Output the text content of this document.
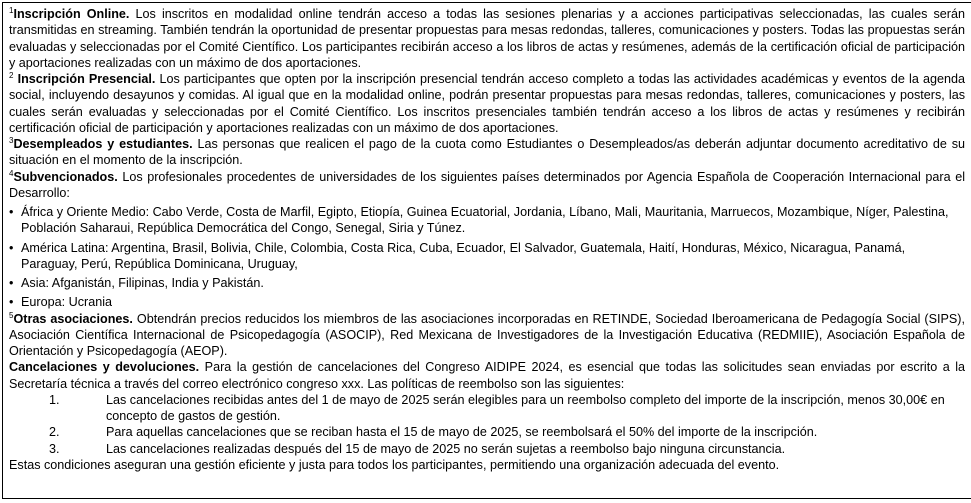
$^1$Inscripción Online. Los inscritos en modalidad online tendrán acceso a todas las sesiones plenarias y a acciones participativas seleccionadas, las cuales serán transmitidas en streaming. También tendrán la oportunidad de presentar propuestas para mesas redondas, talleres, comunicaciones y posters. Todas las propuestas serán evaluadas y seleccionadas por el Comité Científico. Los participantes recibirán acceso a los libros de actas y resúmenes, además de la certificación oficial de participación y aportaciones realizadas con un máximo de dos aportaciones.

$^2$ Inscripción Presencial. Los participantes que opten por la inscripción presencial tendrán acceso completo a todas las actividades académicas y eventos de la agenda social, incluyendo desayunos y comidas. Al igual que en la modalidad online, podrán presentar propuestas para mesas redondas, talleres, comunicaciones y posters, las cuales serán evaluadas y seleccionadas por el Comité Científico. Los inscritos presenciales también tendrán acceso a los libros de actas y resúmenes y recibirán certificación oficial de participación y aportaciones realizadas con un máximo de dos aportaciones.

$^3$Desempleados y estudiantes. Las personas que realicen el pago de la cuota como Estudiantes o Desempleados/as deberán adjuntar documento acreditativo de su situación en el momento de la inscripción.

$^4$Subvencionados. Los profesionales procedentes de universidades de los siguientes países determinados por Agencia Española de Cooperación Internacional para el Desarrollo:

• África y Oriente Medio: Cabo Verde, Costa de Marfil, Egipto, Etiopía, Guinea Ecuatorial, Jordania, Líbano, Mali, Mauritania, Marruecos, Mozambique, Níger, Palestina, Población Saharaui, República Democrática del Congo, Senegal, Siria y Túnez.
• América Latina: Argentina, Brasil, Bolivia, Chile, Colombia, Costa Rica, Cuba, Ecuador, El Salvador, Guatemala, Haití, Honduras, México, Nicaragua, Panamá, Paraguay, Perú, República Dominicana, Uruguay,
• Asia: Afganistán, Filipinas, India y Pakistán.
• Europa: Ucrania

$^5$Otras asociaciones. Obtendrán precios reducidos los miembros de las asociaciones incorporadas en RETINDE, Sociedad Iberoamericana de Pedagogía Social (SIPS), Asociación Científica Internacional de Psicopedagogía (ASOCIP), Red Mexicana de Investigadores de la Investigación Educativa (REDMIIE), Asociación Española de Orientación y Psicopedagogía (AEOP).

Cancelaciones y devoluciones. Para la gestión de cancelaciones del Congreso AIDIPE 2024, es esencial que todas las solicitudes sean enviadas por escrito a la Secretaría técnica a través del correo electrónico congreso xxx. Las políticas de reembolso son las siguientes:

1.	Las cancelaciones recibidas antes del 1 de mayo de 2025 serán elegibles para un reembolso completo del importe de la inscripción, menos 30,00€ en concepto de gastos de gestión.
2.	Para aquellas cancelaciones que se reciban hasta el 15 de mayo de 2025, se reembolsará el 50% del importe de la inscripción.
3.	Las cancelaciones realizadas después del 15 de mayo de 2025 no serán sujetas a reembolso bajo ninguna circunstancia.

Estas condiciones aseguran una gestión eficiente y justa para todos los participantes, permitiendo una organización adecuada del evento.
